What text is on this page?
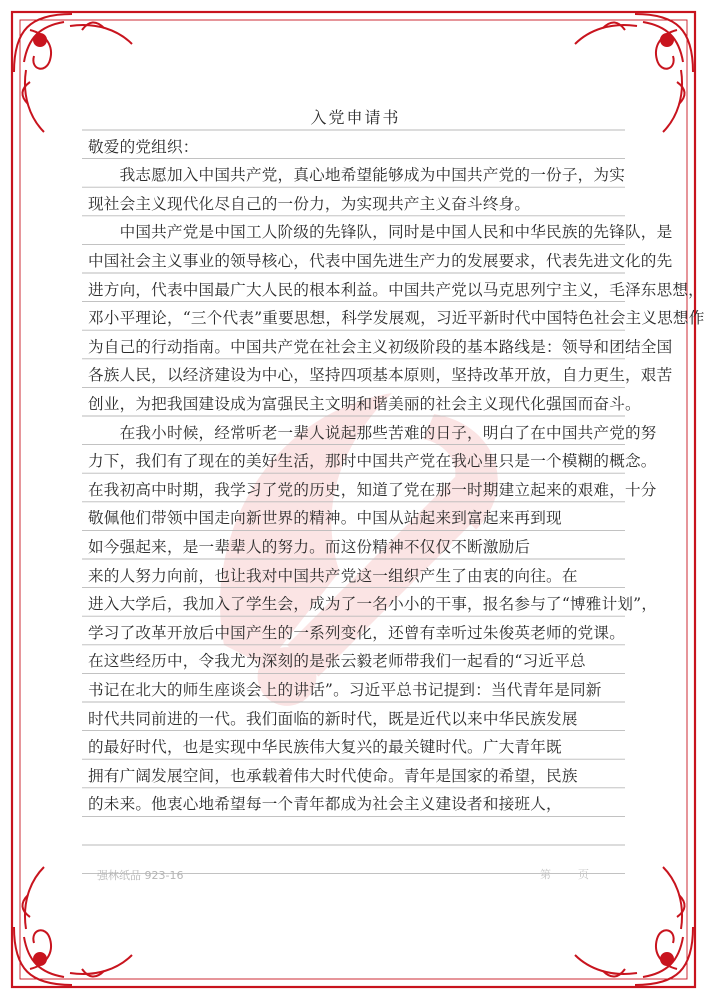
入党申请书
敬爱的党组织：
　　我志愿加入中国共产党，真心地希望能够成为中国共产党的一份子，为实
现社会主义现代化尽自己的一份力，为实现共产主义奋斗终身。
　　中国共产党是中国工人阶级的先锋队，同时是中国人民和中华民族的先锋队，是
中国社会主义事业的领导核心，代表中国先进生产力的发展要求，代表先进文化的先
进方向，代表中国最广大人民的根本利益。中国共产党以马克思列宁主义，毛泽东思想，
邓小平理论，“三个代表”重要思想，科学发展观，习近平新时代中国特色社会主义思想作
为自己的行动指南。中国共产党在社会主义初级阶段的基本路线是：领导和团结全国
各族人民，以经济建设为中心，坚持四项基本原则，坚持改革开放，自力更生，艰苦
创业，为把我国建设成为富强民主文明和谐美丽的社会主义现代化强国而奋斗。
　　在我小时候，经常听老一辈人说起那些苦难的日子，明白了在中国共产党的努
力下，我们有了现在的美好生活，那时中国共产党在我心里只是一个模糊的概念。
在我初高中时期，我学习了党的历史，知道了党在那一时期建立起来的艰难，十分
敬佩他们带领中国走向新世界的精神。中国从站起来到富起来再到现
如今强起来，是一辈辈人的努力。而这份精神不仅仅不断激励后
来的人努力向前，也让我对中国共产党这一组织产生了由衷的向往。在
进入大学后，我加入了学生会，成为了一名小小的干事，报名参与了“博雅计划”，
学习了改革开放后中国产生的一系列变化，还曾有幸听过朱俊英老师的党课。
在这些经历中，令我尤为深刻的是张云毅老师带我们一起看的“习近平总
书记在北大的师生座谈会上的讲话”。习近平总书记提到：当代青年是同新
时代共同前进的一代。我们面临的新时代，既是近代以来中华民族发展
的最好时代，也是实现中华民族伟大复兴的最关键时代。广大青年既
拥有广阔发展空间，也承载着伟大时代使命。青年是国家的希望，民族
的未来。他衷心地希望每一个青年都成为社会主义建设者和接班人，
强林纸品 923-16	第 页
